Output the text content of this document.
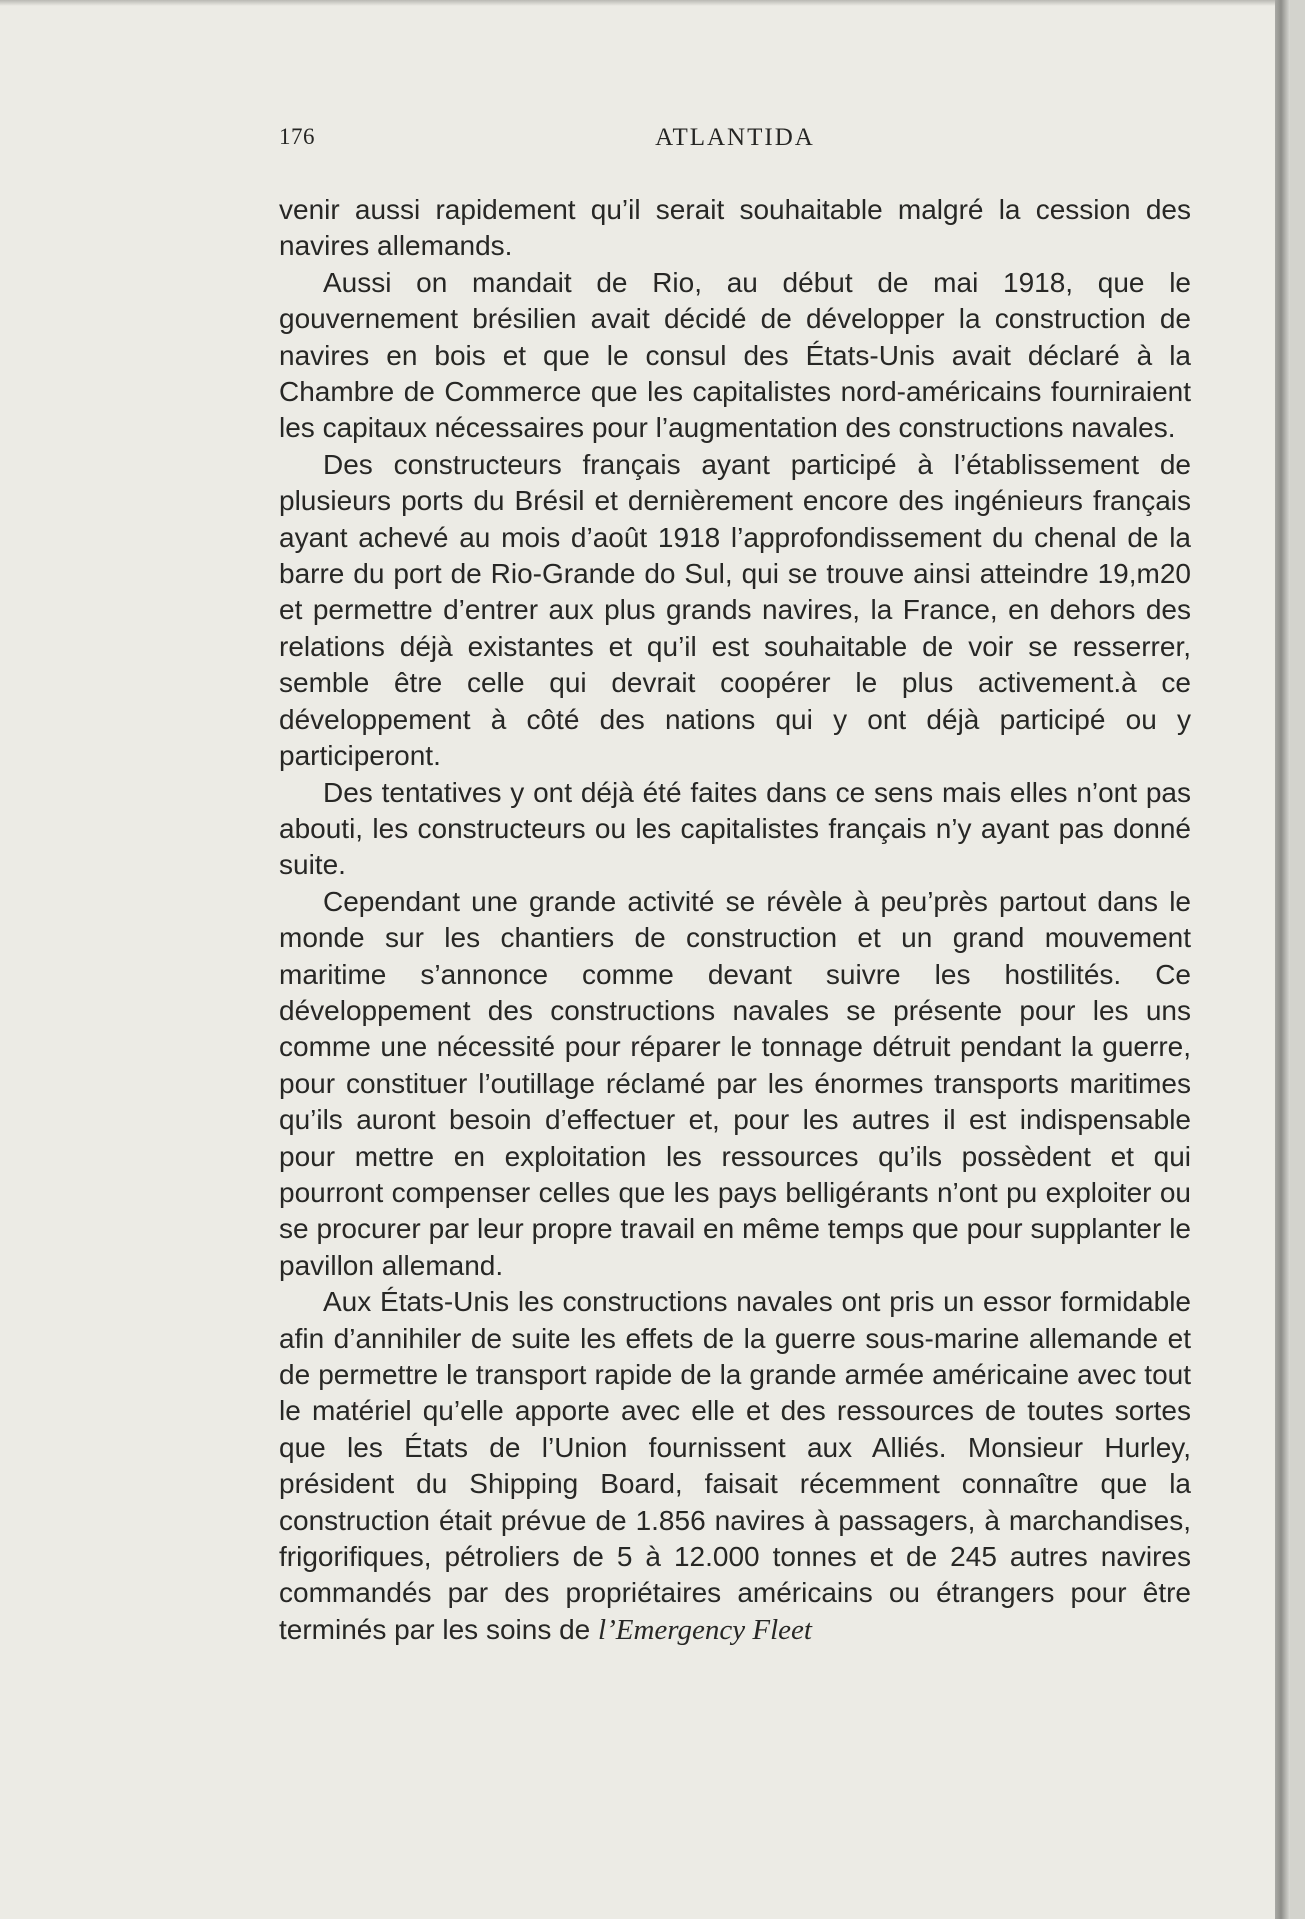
176	ATLANTIDA

venir aussi rapidement qu’il serait souhaitable malgré la cession des navires allemands.

Aussi on mandait de Rio, au début de mai 1918, que le gouvernement brésilien avait décidé de développer la construction de navires en bois et que le consul des États-Unis avait déclaré à la Chambre de Commerce que les capitalistes nord-américains fourniraient les capitaux nécessaires pour l’augmentation des constructions navales.

Des constructeurs français ayant participé à l’établissement de plusieurs ports du Brésil et dernièrement encore des ingénieurs français ayant achevé au mois d’août 1918 l’approfondissement du chenal de la barre du port de Rio-Grande do Sul, qui se trouve ainsi atteindre 19,m20 et permettre d’entrer aux plus grands navires, la France, en dehors des relations déjà existantes et qu’il est souhaitable de voir se resserrer, semble être celle qui devrait coopérer le plus activement.à ce développement à côté des nations qui y ont déjà participé ou y participeront.

Des tentatives y ont déjà été faites dans ce sens mais elles n’ont pas abouti, les constructeurs ou les capitalistes français n’y ayant pas donné suite.

Cependant une grande activité se révèle à peu’près partout dans le monde sur les chantiers de construction et un grand mouvement maritime s’annonce comme devant suivre les hostilités. Ce développement des constructions navales se présente pour les uns comme une nécessité pour réparer le tonnage détruit pendant la guerre, pour constituer l’outillage réclamé par les énormes transports maritimes qu’ils auront besoin d’effectuer et, pour les autres il est indispensable pour mettre en exploitation les ressources qu’ils possèdent et qui pourront compenser celles que les pays belligérants n’ont pu exploiter ou se procurer par leur propre travail en même temps que pour supplanter le pavillon allemand.

Aux États-Unis les constructions navales ont pris un essor formidable afin d’annihiler de suite les effets de la guerre sous-marine allemande et de permettre le transport rapide de la grande armée américaine avec tout le matériel qu’elle apporte avec elle et des ressources de toutes sortes que les États de l’Union fournissent aux Alliés. Monsieur Hurley, président du Shipping Board, faisait récemment connaître que la construction était prévue de 1.856 navires à passagers, à marchandises, frigorifiques, pétroliers de 5 à 12.000 tonnes et de 245 autres navires commandés par des propriétaires américains ou étrangers pour être terminés par les soins de l’Emergency Fleet
